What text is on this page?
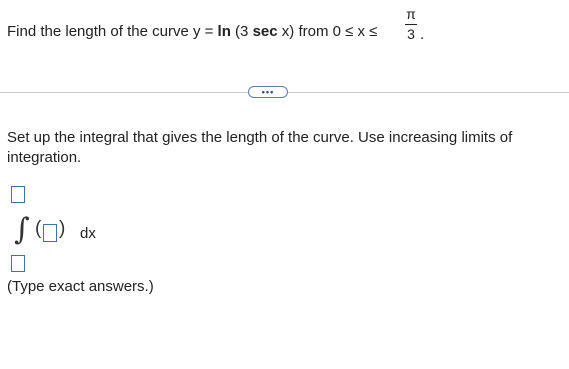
Find the length of the curve y = ln (3 sec x) from 0 ≤ x ≤
π
3 .
•••
Set up the integral that gives the length of the curve. Use increasing limits of integration.
∫ ( ) dx
(Type exact answers.)
